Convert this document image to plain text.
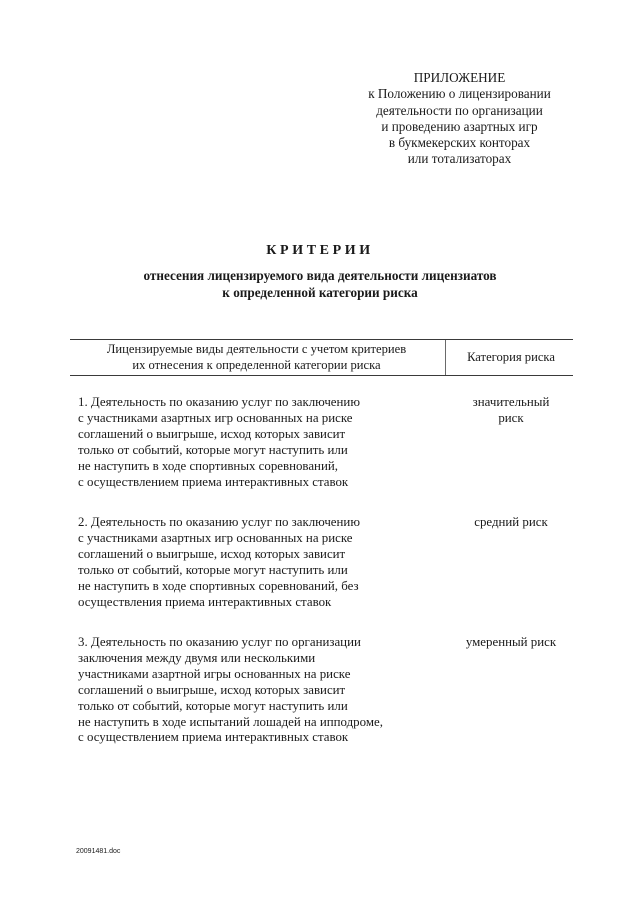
ПРИЛОЖЕНИЕ
к Положению о лицензировании
деятельности по организации
и проведению азартных игр
в букмекерских конторах
или тотализаторах
КРИТЕРИИ
отнесения лицензируемого вида деятельности лицензиатов
к определенной категории риска
Лицензируемые виды деятельности с учетом критериев
их отнесения к определенной категории риска
Категория риска
1. Деятельность по оказанию услуг по заключению
с участниками азартных игр основанных на риске
соглашений о выигрыше, исход которых зависит
только от событий, которые могут наступить или
не наступить в ходе спортивных соревнований,
с осуществлением приема интерактивных ставок
значительный
риск
2. Деятельность по оказанию услуг по заключению
с участниками азартных игр основанных на риске
соглашений о выигрыше, исход которых зависит
только от событий, которые могут наступить или
не наступить в ходе спортивных соревнований, без
осуществления приема интерактивных ставок
средний риск
3. Деятельность по оказанию услуг по организации
заключения между двумя или несколькими
участниками азартной игры основанных на риске
соглашений о выигрыше, исход которых зависит
только от событий, которые могут наступить или
не наступить в ходе испытаний лошадей на ипподроме,
с осуществлением приема интерактивных ставок
умеренный риск
20091481.doc
